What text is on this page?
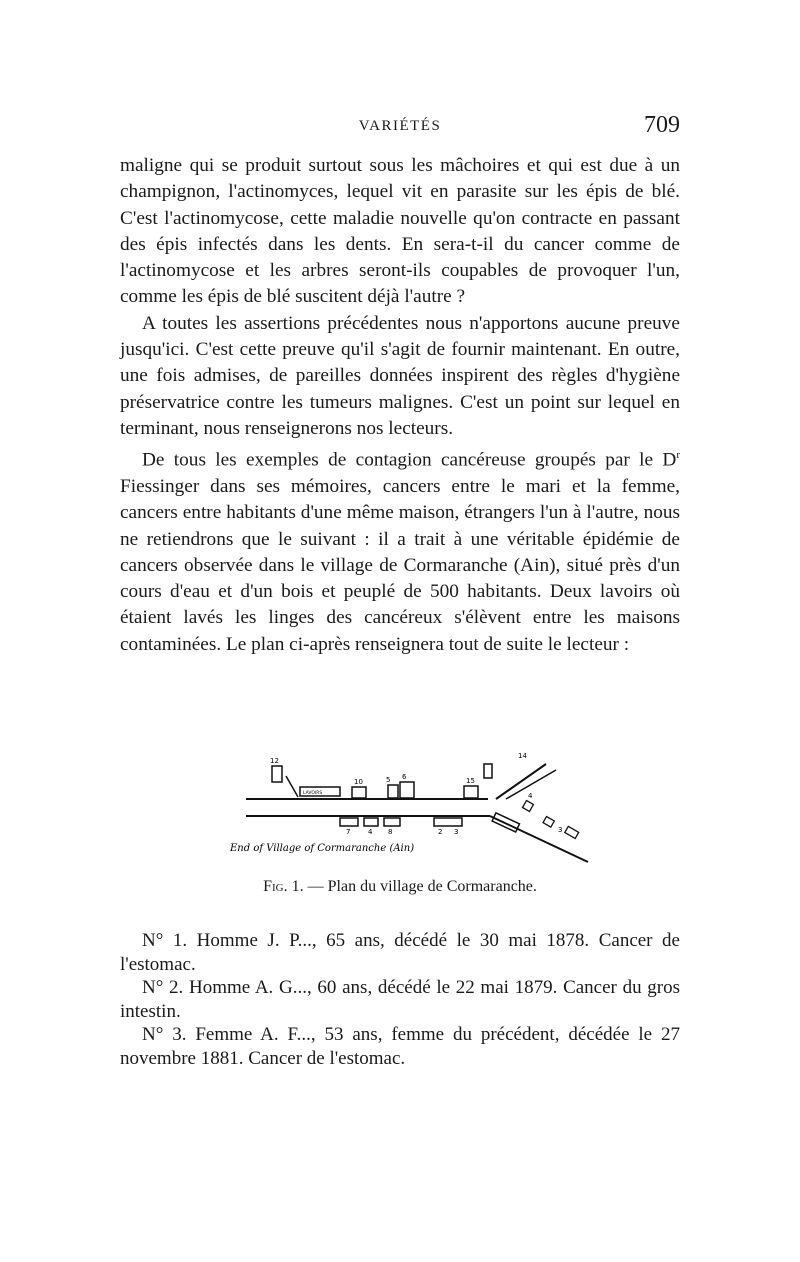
VARIÉTÉS	709

maligne qui se produit surtout sous les mâchoires et qui est due à un champignon, l'actinomyces, lequel vit en parasite sur les épis de blé. C'est l'actinomycose, cette maladie nouvelle qu'on contracte en passant des épis infectés dans les dents. En sera-t-il du cancer comme de l'actinomycose et les arbres seront-ils coupables de provoquer l'un, comme les épis de blé suscitent déjà l'autre ?

A toutes les assertions précédentes nous n'apportons aucune preuve jusqu'ici. C'est cette preuve qu'il s'agit de fournir maintenant. En outre, une fois admises, de pareilles données inspirent des règles d'hygiène préservatrice contre les tumeurs malignes. C'est un point sur lequel en terminant, nous renseignerons nos lecteurs.

De tous les exemples de contagion cancéreuse groupés par le $D^r$ Fiessinger dans ses mémoires, cancers entre le mari et la femme, cancers entre habitants d'une même maison, étrangers l'un à l'autre, nous ne retiendrons que le suivant : il a trait à une véritable épidémie de cancers observée dans le village de Cormaranche (Ain), situé près d'un cours d'eau et d'un bois et peuplé de 500 habitants. Deux lavoirs où étaient lavés les linges des cancéreux s'élèvent entre les maisons contaminées. Le plan ci-après renseignera tout de suite le lecteur :

12
10	5 6	15
14
4
3
7	4 8	2 3
LAVOIRS
End of Village of Cormaranche (Ain)
Fig. 1. — Plan du village de Cormaranche.

N° 1. Homme J. P..., 65 ans, décédé le 30 mai 1878. Cancer de l'estomac.

N° 2. Homme A. G..., 60 ans, décédé le 22 mai 1879. Cancer du gros intestin.

N° 3. Femme A. F..., 53 ans, femme du précédent, décédée le 27 novembre 1881. Cancer de l'estomac.
